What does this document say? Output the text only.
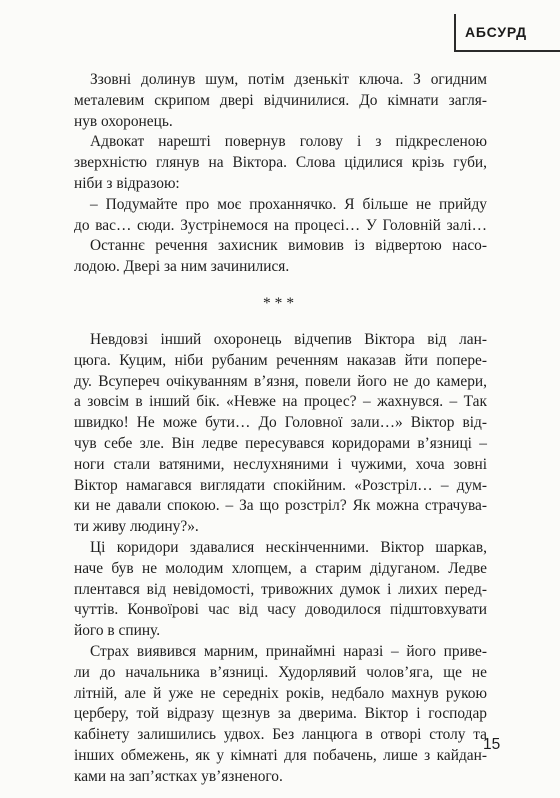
АБСУРД
Ззовні долинув шум, потім дзенькіт ключа. З огидним
металевим скрипом двері відчинилися. До кімнати загля-
нув охоронець.
Адвокат нарешті повернув голову і з підкресленою
зверхністю глянув на Віктора. Слова цідилися крізь губи,
ніби з відразою:
– Подумайте про моє проханнячко. Я більше не прийду
до вас… сюди. Зустрінемося на процесі… У Головній залі…
Останнє речення захисник вимовив із відвертою насо-
лодою. Двері за ним зачинилися.
***
Невдовзі інший охоронець відчепив Віктора від лан-
цюга. Куцим, ніби рубаним реченням наказав йти попере-
ду. Всупереч очікуванням в’язня, повели його не до камери,
а зовсім в інший бік. «Невже на процес? – жахнувся. – Так
швидко! Не може бути… До Головної зали…» Віктор від-
чув себе зле. Він ледве пересувався коридорами в’язниці –
ноги стали ватяними, неслухняними і чужими, хоча зовні
Віктор намагався виглядати спокійним. «Розстріл… – дум-
ки не давали спокою. – За що розстріл? Як можна страчува-
ти живу людину?».
Ці коридори здавалися нескінченними. Віктор шаркав,
наче був не молодим хлопцем, а старим дідуганом. Ледве
плентався від невідомості, тривожних думок і лихих перед-
чуттів. Конвоїрові час від часу доводилося підштовхувати
його в спину.
Страх виявився марним, принаймні наразі – його приве-
ли до начальника в’язниці. Худорлявий чолов’яга, ще не
літній, але й уже не середніх років, недбало махнув рукою
церберу, той відразу щезнув за дверима. Віктор і господар
кабінету залишились удвох. Без ланцюга в отворі столу та
інших обмежень, як у кімнаті для побачень, лише з кайдан-
ками на зап’ястках ув’язненого.
15
